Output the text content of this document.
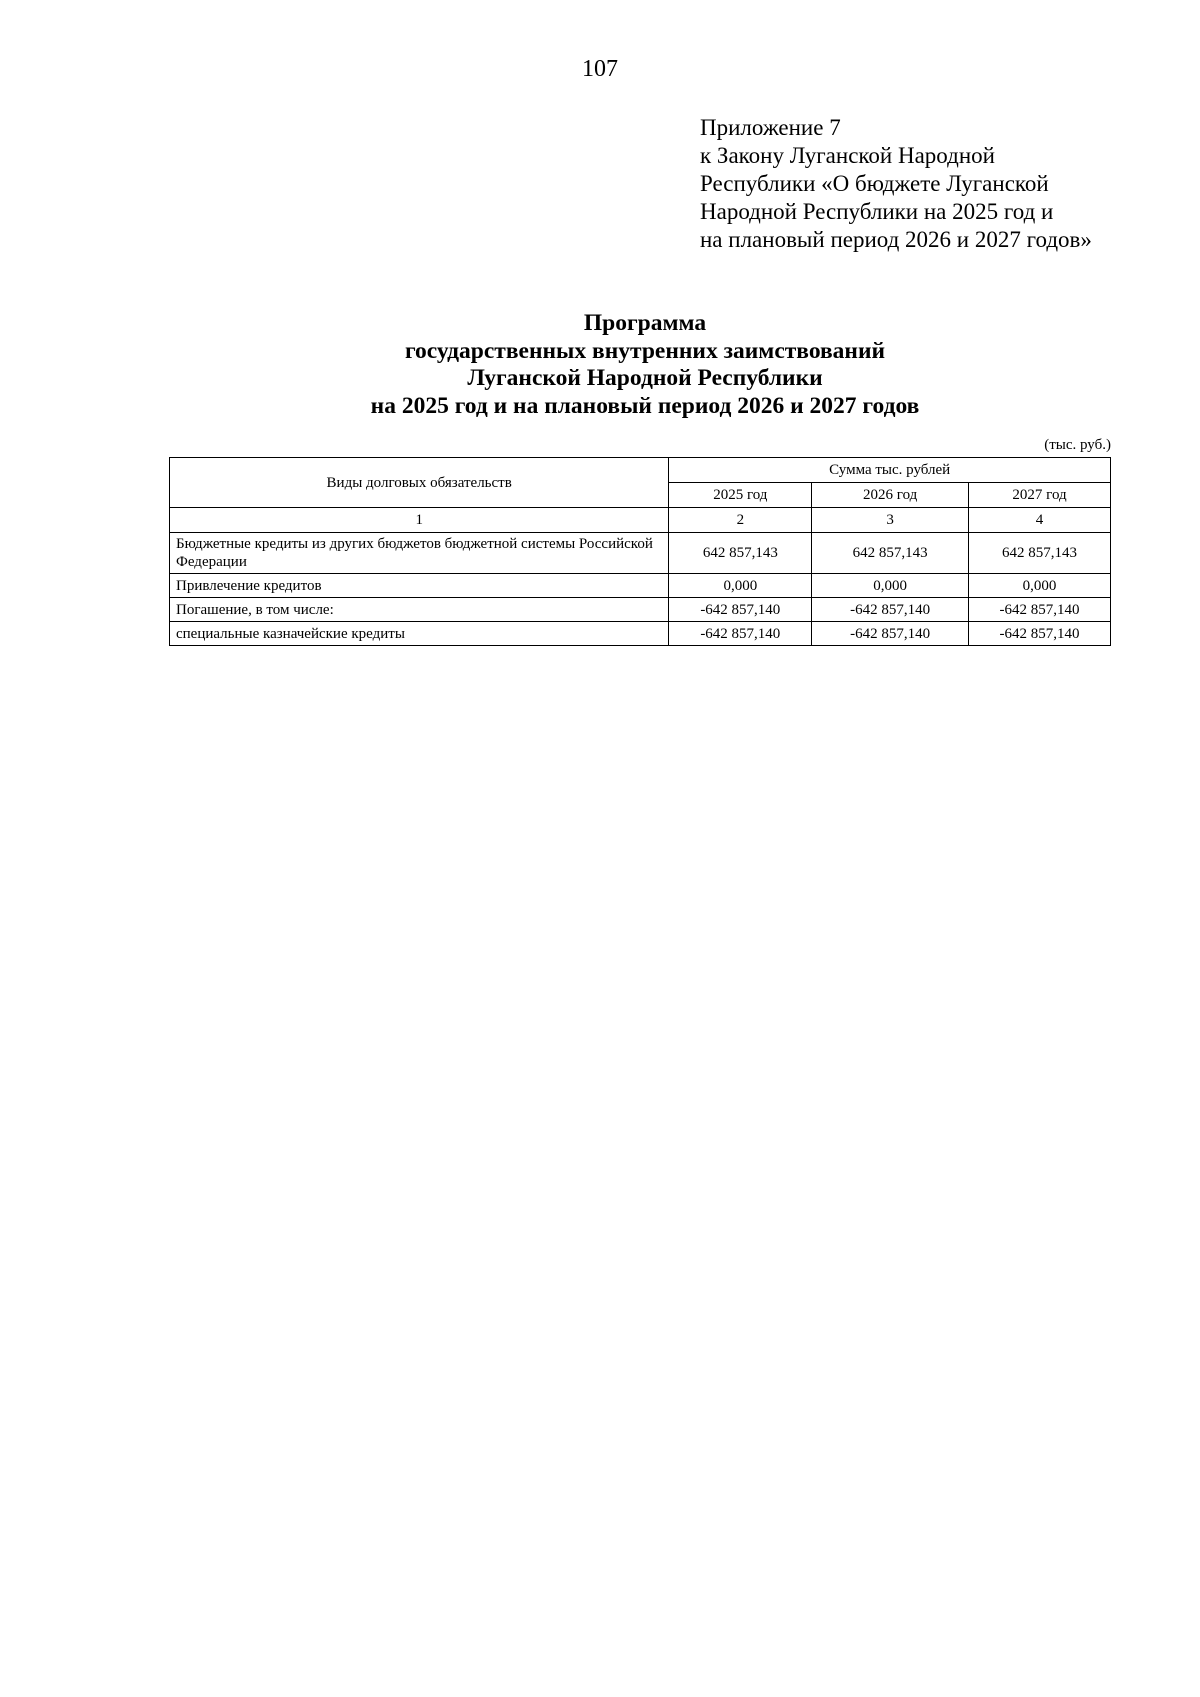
107
Приложение 7
к Закону Луганской Народной
Республики «О бюджете Луганской
Народной Республики на 2025 год и
на плановый период 2026 и 2027 годов»
Программа
государственных внутренних заимствований
Луганской Народной Республики
на 2025 год и на плановый период 2026 и 2027 годов
(тыс. руб.)
Виды долговых обязательств	Сумма тыс. рублей		
	2025 год	2026 год	2027 год
1	2	3	4
Бюджетные кредиты из других бюджетов бюджетной системы Российской Федерации	642 857,143	642 857,143	642 857,143
Привлечение кредитов	0,000	0,000	0,000
Погашение, в том числе:	-642 857,140	-642 857,140	-642 857,140
специальные казначейские кредиты	-642 857,140	-642 857,140	-642 857,140
